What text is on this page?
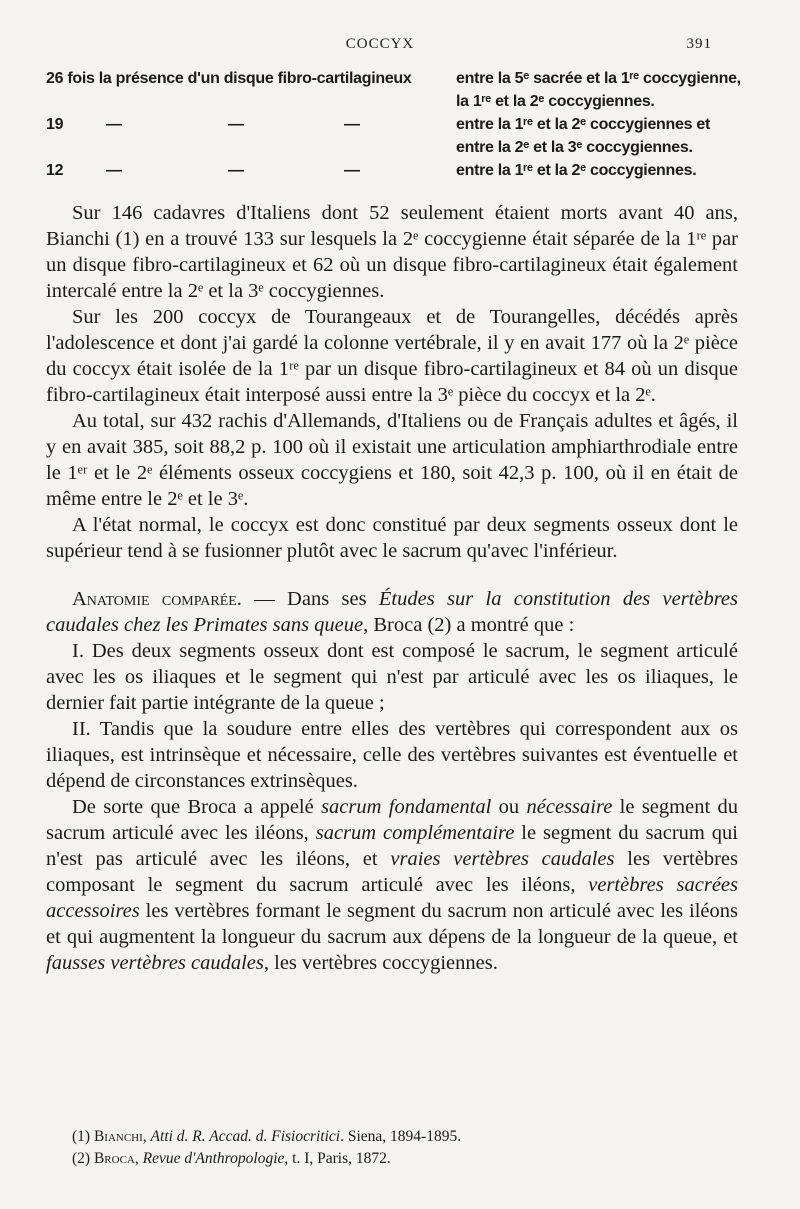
COCCYX	391
26 fois la présence d'un disque fibro-cartilagineux	entre la 5ᵉ sacrée et la 1ʳᵉ coccygienne,
la 1ʳᵉ et la 2ᵉ coccygiennes.
19	—	—	—	entre la 1ʳᵉ et la 2ᵉ coccygiennes et
entre la 2ᵉ et la 3ᵉ coccygiennes.
12	—	—	—	entre la 1ʳᵉ et la 2ᵉ coccygiennes.

Sur 146 cadavres d'Italiens dont 52 seulement étaient morts avant 40 ans, Bianchi (1) en a trouvé 133 sur lesquels la 2ᵉ coccygienne était séparée de la 1ʳᵉ par un disque fibro-cartilagineux et 62 où un disque fibro-cartilagineux était également intercalé entre la 2ᵉ et la 3ᵉ coccygiennes.

Sur les 200 coccyx de Tourangeaux et de Tourangelles, décédés après l'adolescence et dont j'ai gardé la colonne vertébrale, il y en avait 177 où la 2ᵉ pièce du coccyx était isolée de la 1ʳᵉ par un disque fibro-cartilagineux et 84 où un disque fibro-cartilagineux était interposé aussi entre la 3ᵉ pièce du coccyx et la 2ᵉ.

Au total, sur 432 rachis d'Allemands, d'Italiens ou de Français adultes et âgés, il y en avait 385, soit 88,2 p. 100 où il existait une articulation amphiarthrodiale entre le 1ᵉʳ et le 2ᵉ éléments osseux coccygiens et 180, soit 42,3 p. 100, où il en était de même entre le 2ᵉ et le 3ᵉ.

A l'état normal, le coccyx est donc constitué par deux segments osseux dont le supérieur tend à se fusionner plutôt avec le sacrum qu'avec l'inférieur.

Anatomie comparée. — Dans ses Études sur la constitution des vertèbres caudales chez les Primates sans queue, Broca (2) a montré que :

I. Des deux segments osseux dont est composé le sacrum, le segment articulé avec les os iliaques et le segment qui n'est par articulé avec les os iliaques, le dernier fait partie intégrante de la queue ;

II. Tandis que la soudure entre elles des vertèbres qui correspondent aux os iliaques, est intrinsèque et nécessaire, celle des vertèbres suivantes est éventuelle et dépend de circonstances extrinsèques.

De sorte que Broca a appelé sacrum fondamental ou nécessaire le segment du sacrum articulé avec les iléons, sacrum complémentaire le segment du sacrum qui n'est pas articulé avec les iléons, et vraies vertèbres caudales les vertèbres composant le segment du sacrum articulé avec les iléons, vertèbres sacrées accessoires les vertèbres formant le segment du sacrum non articulé avec les iléons et qui augmentent la longueur du sacrum aux dépens de la longueur de la queue, et fausses vertèbres caudales, les vertèbres coccygiennes.

(1) Bianchi, Atti d. R. Accad. d. Fisiocritici. Siena, 1894-1895.
(2) Broca, Revue d'Anthropologie, t. I, Paris, 1872.
